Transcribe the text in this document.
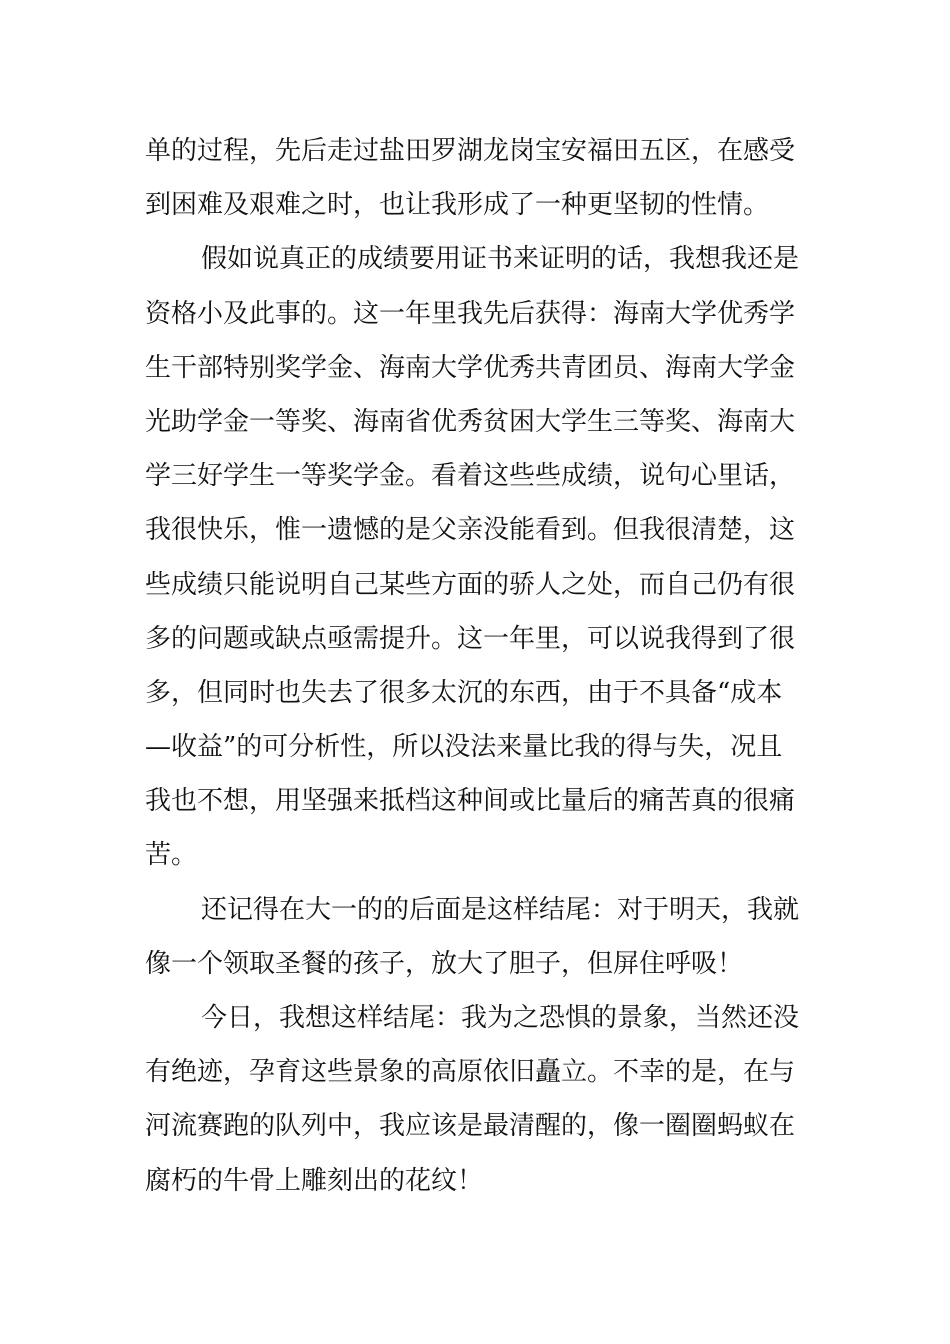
单的过程，先后走过盐田罗湖龙岗宝安福田五区，在感受
到困难及艰难之时，也让我形成了一种更坚韧的性情。
假如说真正的成绩要用证书来证明的话，我想我还是
资格小及此事的。这一年里我先后获得：海南大学优秀学
生干部特别奖学金、海南大学优秀共青团员、海南大学金
光助学金一等奖、海南省优秀贫困大学生三等奖、海南大
学三好学生一等奖学金。看着这些些成绩，说句心里话，
我很快乐，惟一遗憾的是父亲没能看到。但我很清楚，这
些成绩只能说明自己某些方面的骄人之处，而自己仍有很
多的问题或缺点亟需提升。这一年里，可以说我得到了很
多，但同时也失去了很多太沉的东西，由于不具备“成本
—收益”的可分析性，所以没法来量比我的得与失，况且
我也不想，用坚强来抵档这种间或比量后的痛苦真的很痛
苦。
还记得在大一的的后面是这样结尾：对于明天，我就
像一个领取圣餐的孩子，放大了胆子，但屏住呼吸！
今日，我想这样结尾：我为之恐惧的景象，当然还没
有绝迹，孕育这些景象的高原依旧矗立。不幸的是，在与
河流赛跑的队列中，我应该是最清醒的，像一圈圈蚂蚁在
腐朽的牛骨上雕刻出的花纹！
